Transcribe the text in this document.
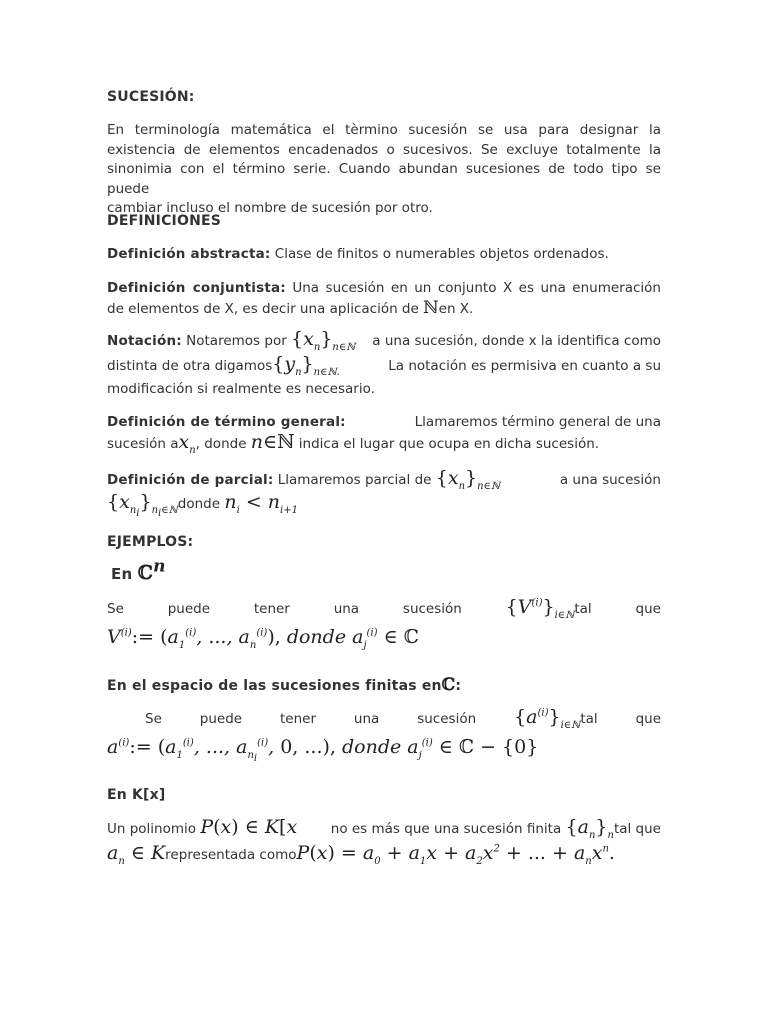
SUCESIÓN:
En terminología matemática el tèrmino sucesión se usa para designar la
existencia de elementos encadenados o sucesivos. Se excluye totalmente la
sinonimia con el término serie. Cuando abundan sucesiones de todo tipo se puede
cambiar incluso el nombre de sucesión por otro.
DEFINICIONES
Definición abstracta: Clase de finitos o numerables objetos ordenados.
Definición conjuntista: Una sucesión en un conjunto X es una enumeración
de elementos de X, es decir una aplicación de ℕen X.
Notación: Notaremos por $\{x_n\}_{n\in ℕ}$ a una sucesión, donde x la identifica como
distinta de otra $digamos\{y_n\}_{n\in ℕ.}$	La notación es permisiva en cuanto a su
modificación si realmente es necesario.
Definición de término general:	Llamaremos término general de una
sucesión $ax_n$, donde n∈ℕ indica el lugar que ocupa en dicha sucesión.
Definición de parcial: Llamaremos parcial de $\{x_n\}_{n\in ℕ}$	a una sucesión
$\{x_{n_i}\}_{n_i\in ℕ}donde$ $n_i < n_{i+1}$
EJEMPLOS:
En ℂ$^n$
Se	puede	tener	una	sucesión $\{V^{(i)}\}_{i\in ℕ}tal$	que
$V^{(i)}:= (a_1^{(i)}$, ..., $a_n^{(i)}$), donde $a_j^{(i)}$ ∈ ℂ
En el espacio de las sucesiones finitas enℂ:
Se	puede	tener	una	sucesión $\{a^{(i)}\}_{i\in ℕ}tal$	que
$a^{(i)}:= (a_1^{(i)}$, ..., $a_{n_i}^{(i)}$, 0, ...), donde $a_j^{(i)}$ ∈ ℂ − {0}
En K[x]
Un polinomio P(x) ∈ K[x no es más que una sucesión finita $\{a_n\}_ntal$ que
$a_n$ ∈ Krepresentada comoP(x) = $a_0 + a_1x + a_2x^2$ + ... + $a_nx^n$.
